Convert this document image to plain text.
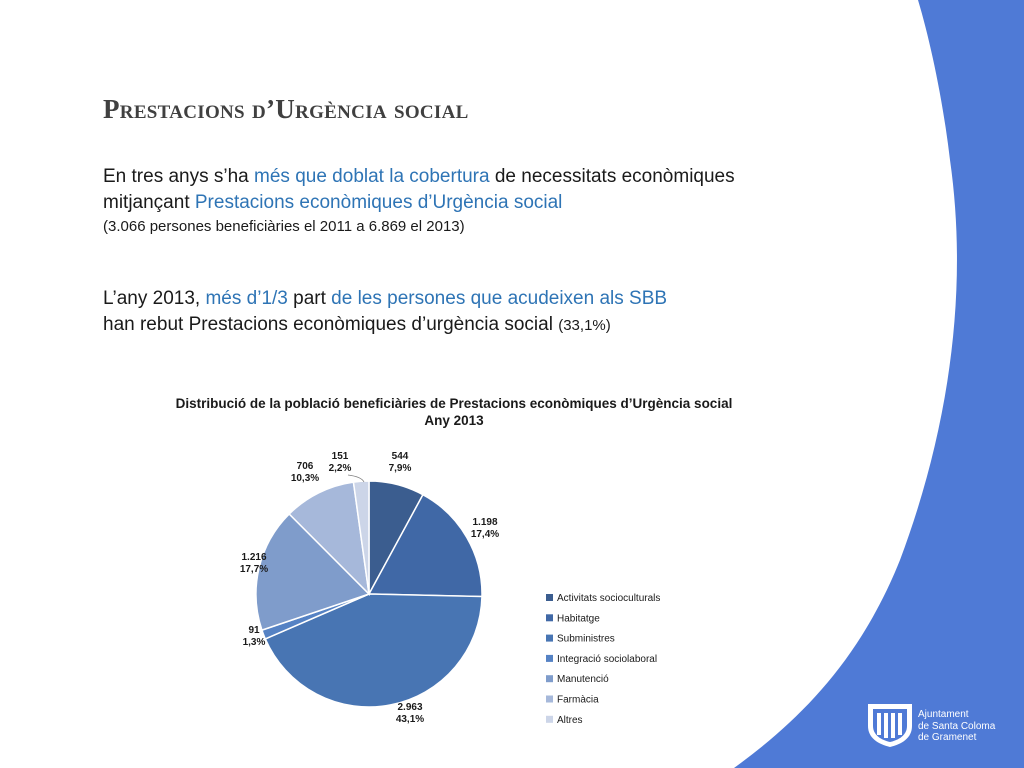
Prestacions d’Urgència social
En tres anys s’ha més que doblat la cobertura de necessitats econòmiques
mitjançant Prestacions econòmiques d’Urgència social
(3.066 persones beneficiàries el 2011 a 6.869 el 2013)
L’any 2013, més d’1/3 part de les persones que acudeixen als SBB
han rebut Prestacions econòmiques d’urgència social (33,1%)
Distribució de la població beneficiàries de Prestacions econòmiques d’Urgència social
Any 2013
544
7,9%
1.198
17,4%
2.963
43,1%
91
1,3%
1.216
17,7%
706
10,3%
151
2,2%
Activitats socioculturals
Habitatge
Subministres
Integració sociolaboral
Manutenció
Farmàcia
Altres
Ajuntament
de Santa Coloma
de Gramenet
